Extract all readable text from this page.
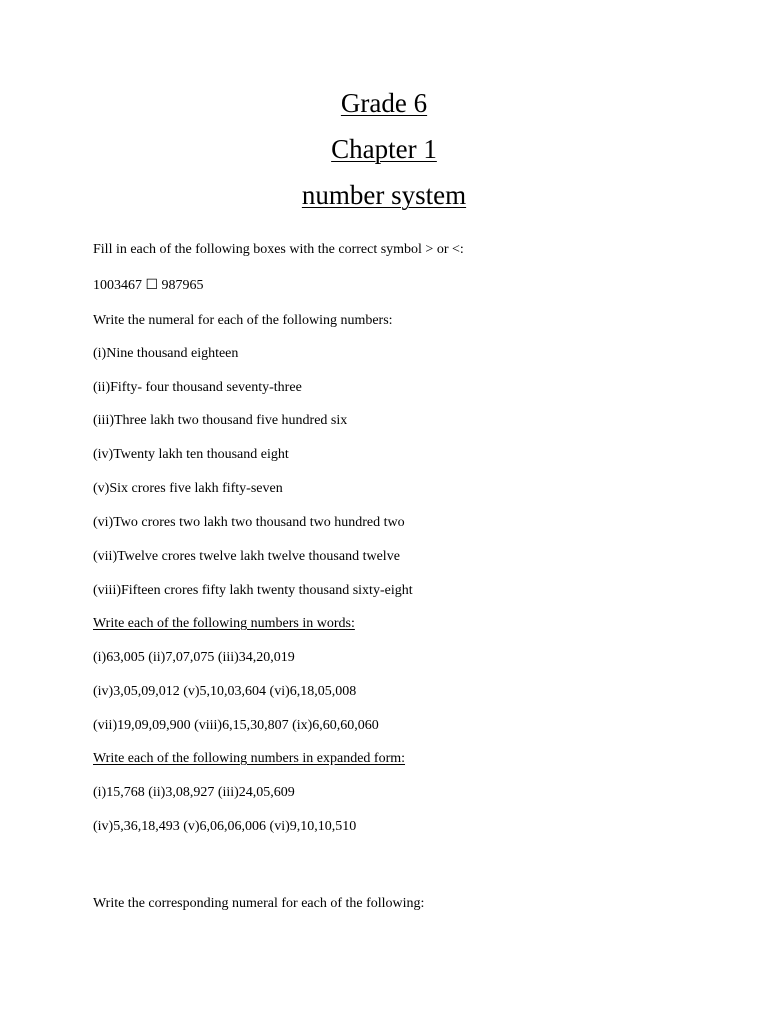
Grade 6
Chapter 1
number system

Fill in each of the following boxes with the correct symbol > or <:

1003467 ☐ 987965

Write the numeral for each of the following numbers:

(i)Nine thousand eighteen

(ii)Fifty- four thousand seventy-three

(iii)Three lakh two thousand five hundred six

(iv)Twenty lakh ten thousand eight

(v)Six crores five lakh fifty-seven

(vi)Two crores two lakh two thousand two hundred two

(vii)Twelve crores twelve lakh twelve thousand twelve

(viii)Fifteen crores fifty lakh twenty thousand sixty-eight

Write each of the following numbers in words:

(i)63,005 (ii)7,07,075 (iii)34,20,019

(iv)3,05,09,012 (v)5,10,03,604 (vi)6,18,05,008

(vii)19,09,09,900 (viii)6,15,30,807 (ix)6,60,60,060

Write each of the following numbers in expanded form:

(i)15,768 (ii)3,08,927 (iii)24,05,609

(iv)5,36,18,493 (v)6,06,06,006 (vi)9,10,10,510

Write the corresponding numeral for each of the following:
